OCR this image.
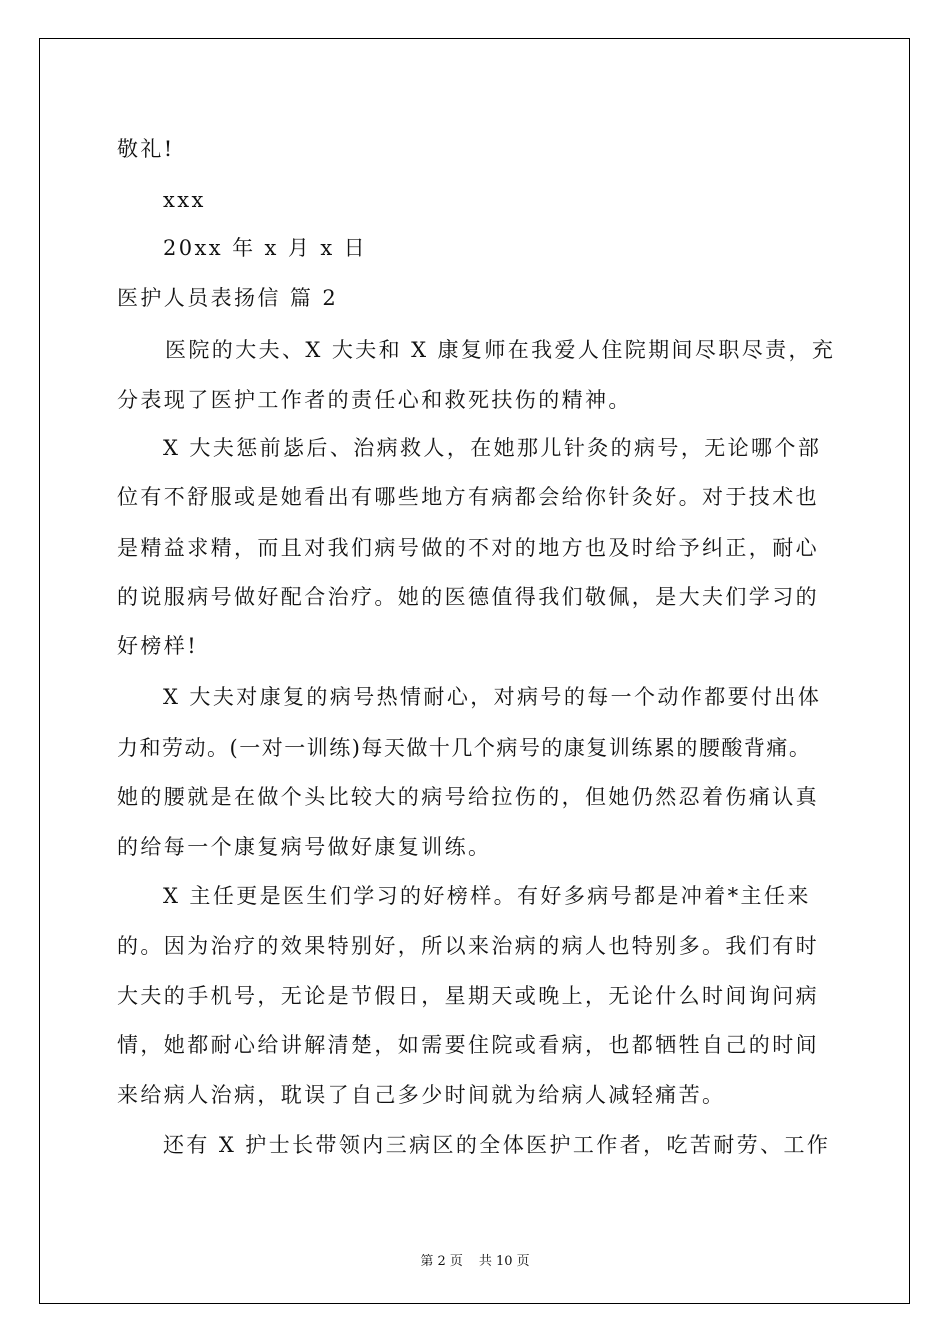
敬礼!
xxx
20xx 年 x 月 x 日
医护人员表扬信 篇 2
医院的大夫、X 大夫和 X 康复师在我爱人住院期间尽职尽责，充
分表现了医护工作者的责任心和救死扶伤的精神。
X 大夫惩前毖后、治病救人，在她那儿针灸的病号，无论哪个部
位有不舒服或是她看出有哪些地方有病都会给你针灸好。对于技术也
是精益求精，而且对我们病号做的不对的地方也及时给予纠正，耐心
的说服病号做好配合治疗。她的医德值得我们敬佩，是大夫们学习的
好榜样!
X 大夫对康复的病号热情耐心，对病号的每一个动作都要付出体
力和劳动。(一对一训练)每天做十几个病号的康复训练累的腰酸背痛。
她的腰就是在做个头比较大的病号给拉伤的，但她仍然忍着伤痛认真
的给每一个康复病号做好康复训练。
X 主任更是医生们学习的好榜样。有好多病号都是冲着*主任来
的。因为治疗的效果特别好，所以来治病的病人也特别多。我们有时
大夫的手机号，无论是节假日，星期天或晚上，无论什么时间询问病
情，她都耐心给讲解清楚，如需要住院或看病，也都牺牲自己的时间
来给病人治病，耽误了自己多少时间就为给病人减轻痛苦。
还有 X 护士长带领内三病区的全体医护工作者，吃苦耐劳、工作
第 2 页 共 10 页
